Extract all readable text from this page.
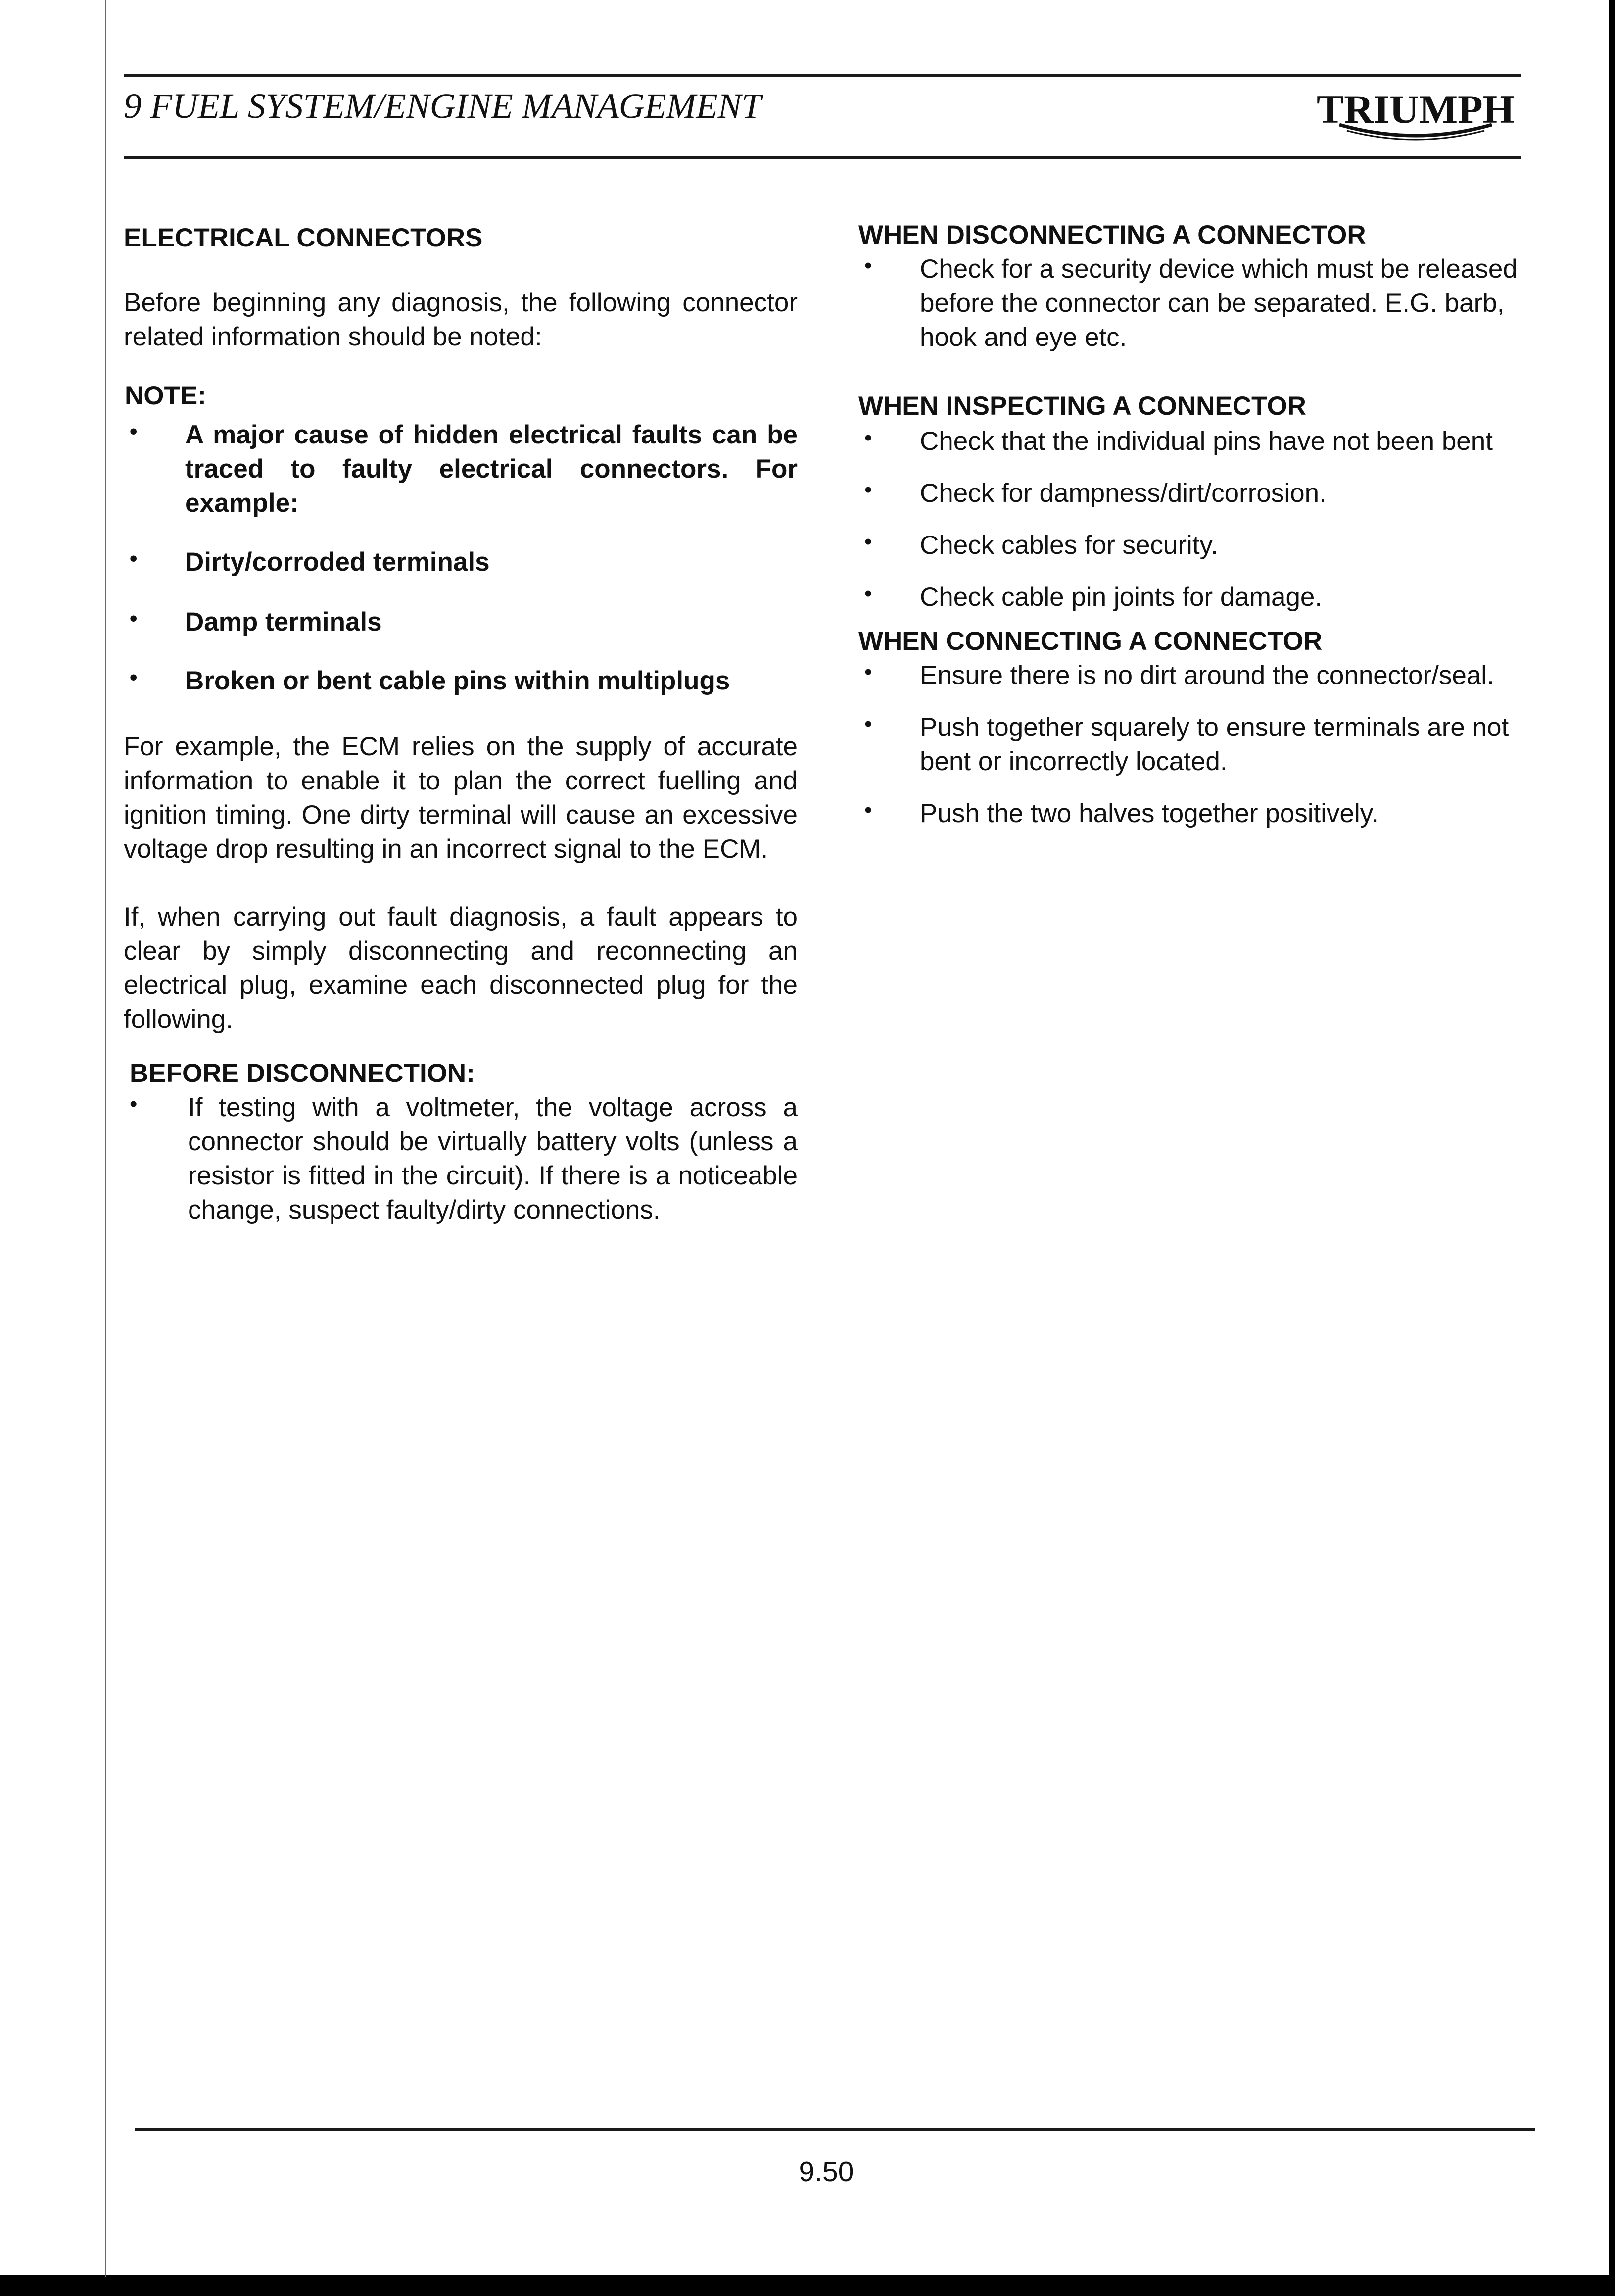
9 FUEL SYSTEM/ENGINE MANAGEMENT	TRIUMPH

ELECTRICAL CONNECTORS

Before beginning any diagnosis, the following connector related information should be noted:

NOTE:

• A major cause of hidden electrical faults can be traced to faulty electrical connectors. For example:
• Dirty/corroded terminals
• Damp terminals
• Broken or bent cable pins within multiplugs

For example, the ECM relies on the supply of accurate information to enable it to plan the correct fuelling and ignition timing. One dirty terminal will cause an excessive voltage drop resulting in an incorrect signal to the ECM.

If, when carrying out fault diagnosis, a fault appears to clear by simply disconnecting and reconnecting an electrical plug, examine each disconnected plug for the following.

BEFORE DISCONNECTION:

• If testing with a voltmeter, the voltage across a connector should be virtually battery volts (unless a resistor is fitted in the circuit). If there is a noticeable change, suspect faulty/dirty connections.

WHEN DISCONNECTING A CONNECTOR

• Check for a security device which must be released before the connector can be separated. E.G. barb, hook and eye etc.

WHEN INSPECTING A CONNECTOR

• Check that the individual pins have not been bent
• Check for dampness/dirt/corrosion.
• Check cables for security.
• Check cable pin joints for damage.

WHEN CONNECTING A CONNECTOR

• Ensure there is no dirt around the connector/seal.
• Push together squarely to ensure terminals are not bent or incorrectly located.
• Push the two halves together positively.
9.50
